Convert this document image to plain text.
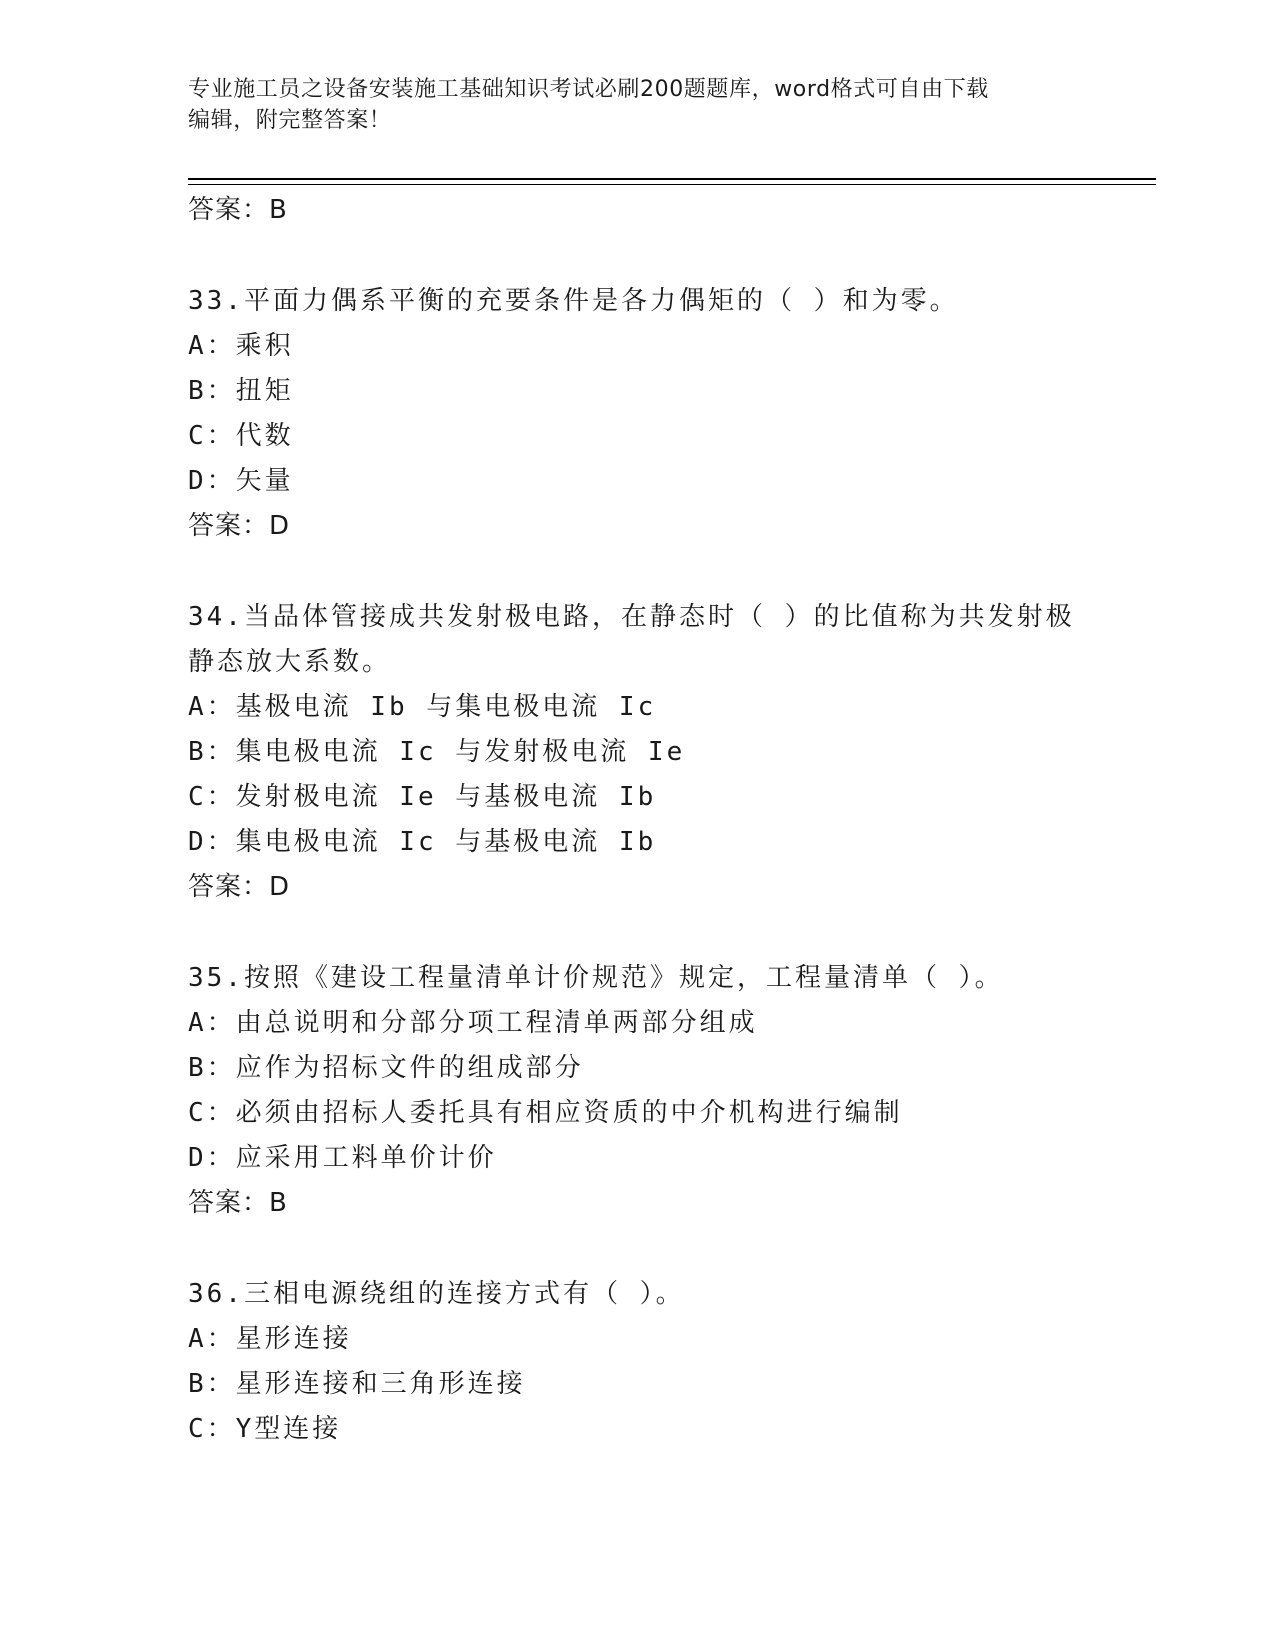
专业施工员之设备安装施工基础知识考试必刷200题题库，word格式可自由下载
编辑，附完整答案！
答案：B
33.平面力偶系平衡的充要条件是各力偶矩的（ ）和为零。
A：乘积
B：扭矩
C：代数
D：矢量
答案：D
34.当品体管接成共发射极电路，在静态时（ ）的比值称为共发射极
静态放大系数。
A：基极电流 Ib 与集电极电流 Ic
B：集电极电流 Ic 与发射极电流 Ie
C：发射极电流 Ie 与基极电流 Ib
D：集电极电流 Ic 与基极电流 Ib
答案：D
35.按照《建设工程量清单计价规范》规定，工程量清单（ ）。
A：由总说明和分部分项工程清单两部分组成
B：应作为招标文件的组成部分
C：必须由招标人委托具有相应资质的中介机构进行编制
D：应采用工料单价计价
答案：B
36.三相电源绕组的连接方式有（ ）。
A：星形连接
B：星形连接和三角形连接
C：Y型连接
